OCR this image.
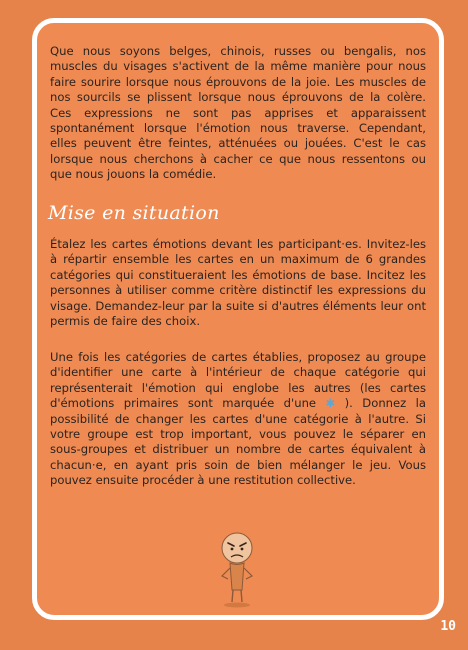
Que nous soyons belges, chinois, russes ou bengalis, nos muscles du visages s'activent de la même manière pour nous faire sourire lorsque nous éprouvons de la joie. Les muscles de nos sourcils se plissent lorsque nous éprouvons de la colère. Ces expressions ne sont pas apprises et apparaissent spontanément lorsque l'émotion nous traverse. Cependant, elles peuvent être feintes, atténuées ou jouées. C'est le cas lorsque nous cherchons à cacher ce que nous ressentons ou que nous jouons la comédie.

Mise en situation

Étalez les cartes émotions devant les participant·es. Invitez-les à répartir ensemble les cartes en un maximum de 6 grandes catégories qui constitueraient les émotions de base. Incitez les personnes à utiliser comme critère distinctif les expressions du visage. Demandez-leur par la suite si d'autres éléments leur ont permis de faire des choix.

Une fois les catégories de cartes établies, proposez au groupe d'identifier une carte à l'intérieur de chaque catégorie qui représenterait l'émotion qui englobe les autres (les cartes d'émotions primaires sont marquée d'une ✱ ). Donnez la possibilité de changer les cartes d'une catégorie à l'autre. Si votre groupe est trop important, vous pouvez le séparer en sous-groupes et distribuer un nombre de cartes équivalent à chacun·e, en ayant pris soin de bien mélanger le jeu. Vous pouvez ensuite procéder à une restitution collective.

10
